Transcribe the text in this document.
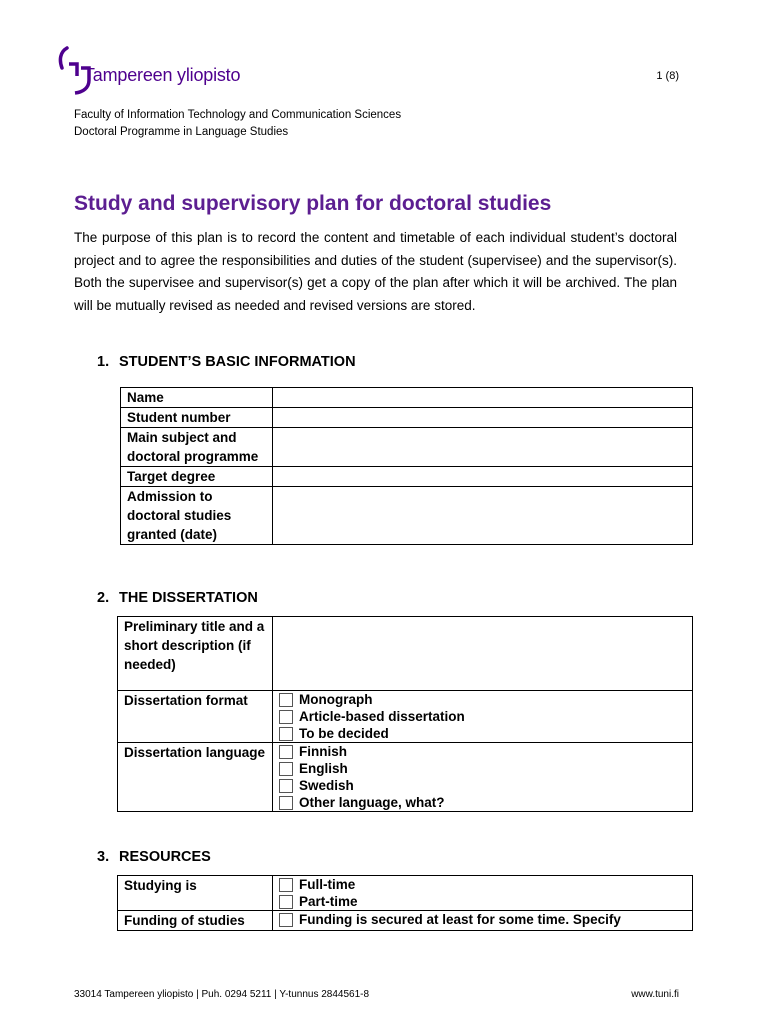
Tampereen yliopisto	1 (8)
Faculty of Information Technology and Communication Sciences
Doctoral Programme in Language Studies
Study and supervisory plan for doctoral studies
The purpose of this plan is to record the content and timetable of each individual student’s doctoral project and to agree the responsibilities and duties of the student (supervisee) and the supervisor(s). Both the supervisee and supervisor(s) get a copy of the plan after which it will be archived. The plan will be mutually revised as needed and revised versions are stored.
1. STUDENT’S BASIC INFORMATION
Name	
Student number	
Main subject and doctoral programme	
Target degree	
Admission to doctoral studies granted (date)	
2. THE DISSERTATION
Preliminary title and a short description (if needed)	
Dissertation format	Monograph
Article-based dissertation
To be decided

Dissertation language	Finnish
English
Swedish
Other language, what?
3. RESOURCES
Studying is	Full-time
Part-time

Funding of studies	Funding is secured at least for some time. Specify
33014 Tampereen yliopisto | Puh. 0294 5211 | Y-tunnus 2844561-8	www.tuni.fi
